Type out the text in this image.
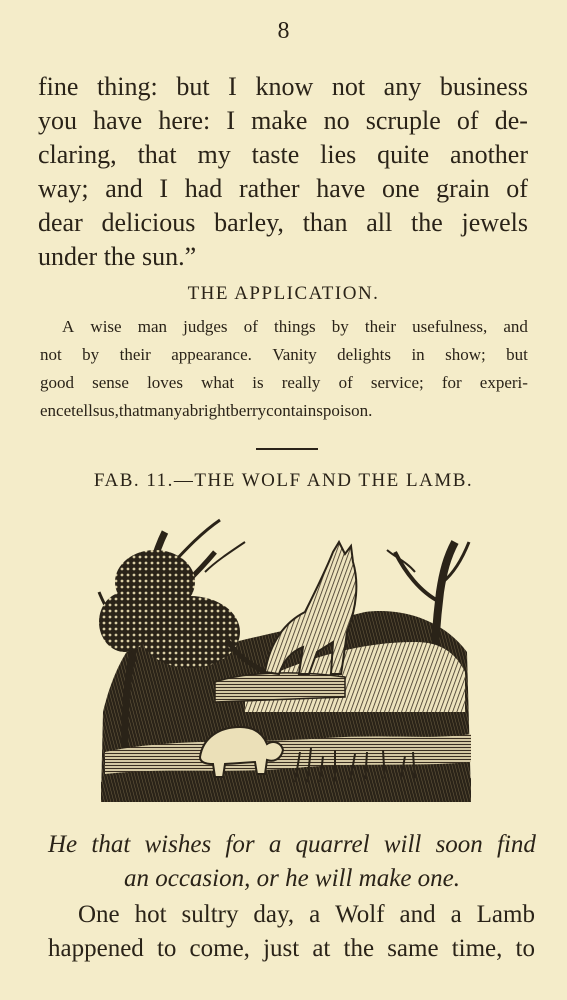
8
fine thing: but I know not any business
you have here: I make no scruple of de-
claring, that my taste lies quite another
way; and I had rather have one grain of
dear delicious barley, than all the jewels
under the sun.”
THE APPLICATION.
A wise man judges of things by their usefulness, and
not by their appearance. Vanity delights in show; but
good sense loves what is really of service; for experi-
ence tells us, that many a bright berry contains poison.
FAB. 11.—THE WOLF AND THE LAMB.
He that wishes for a quarrel will soon find
an occasion, or he will make one.
One hot sultry day, a Wolf and a Lamb
happened to come, just at the same time, to
